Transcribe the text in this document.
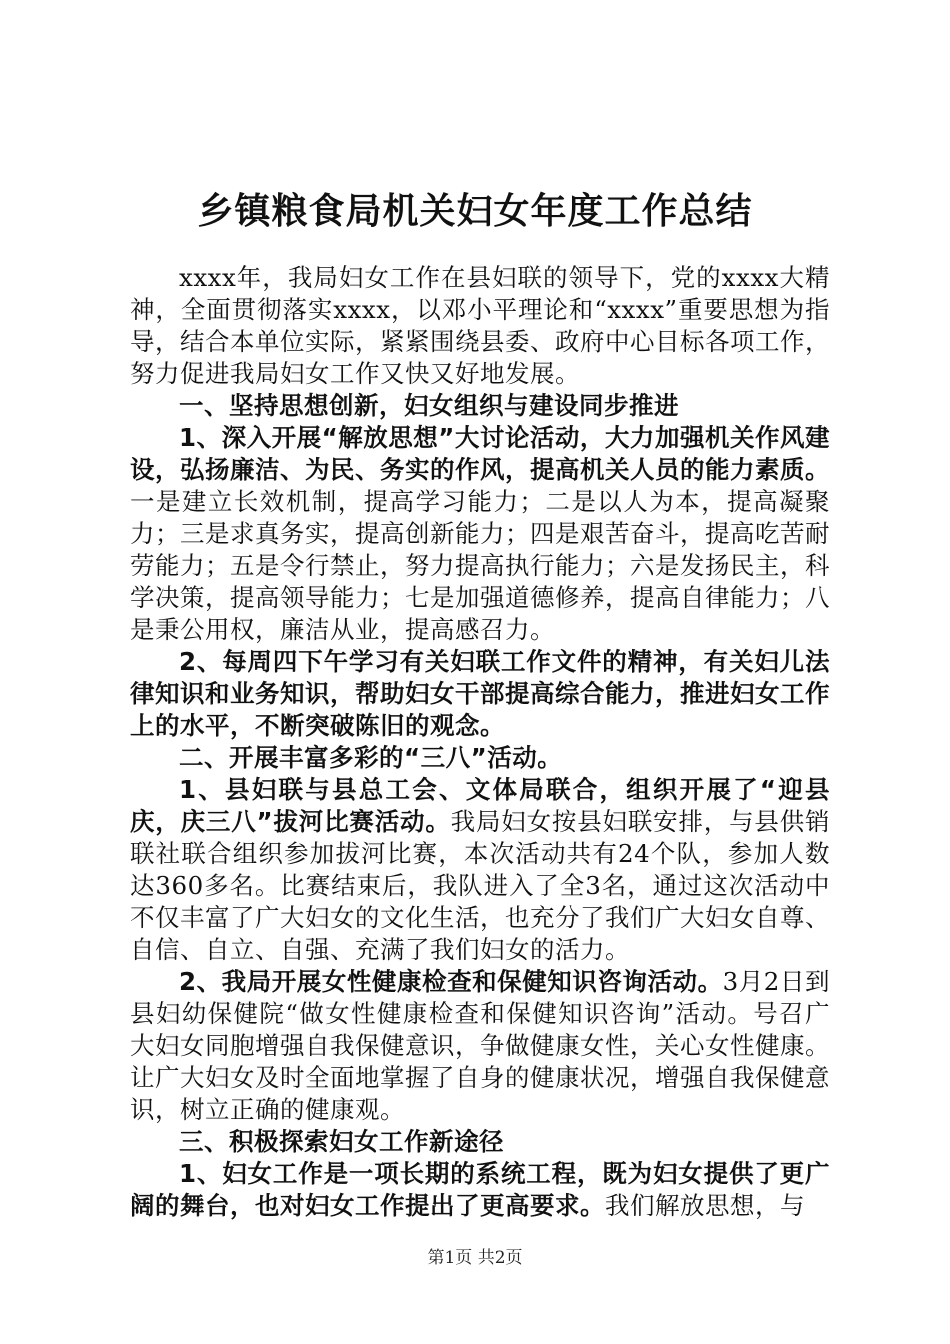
乡镇粮食局机关妇女年度工作总结

xxxx年，我局妇女工作在县妇联的领导下，党的xxxx大精神，全面贯彻落实xxxx，以邓小平理论和“xxxx”重要思想为指导，结合本单位实际，紧紧围绕县委、政府中心目标各项工作，努力促进我局妇女工作又快又好地发展。

一、坚持思想创新，妇女组织与建设同步推进

1、深入开展“解放思想”大讨论活动，大力加强机关作风建设，弘扬廉洁、为民、务实的作风，提高机关人员的能力素质。一是建立长效机制，提高学习能力；二是以人为本，提高凝聚力；三是求真务实，提高创新能力；四是艰苦奋斗，提高吃苦耐劳能力；五是令行禁止，努力提高执行能力；六是发扬民主，科学决策，提高领导能力；七是加强道德修养，提高自律能力；八是秉公用权，廉洁从业，提高感召力。

2、每周四下午学习有关妇联工作文件的精神，有关妇儿法律知识和业务知识，帮助妇女干部提高综合能力，推进妇女工作上的水平，不断突破陈旧的观念。

二、开展丰富多彩的“三八”活动。

1、县妇联与县总工会、文体局联合，组织开展了“迎县庆，庆三八”拔河比赛活动。我局妇女按县妇联安排，与县供销联社联合组织参加拔河比赛，本次活动共有24个队，参加人数达360多名。比赛结束后，我队进入了全3名，通过这次活动中不仅丰富了广大妇女的文化生活，也充分了我们广大妇女自尊、自信、自立、自强、充满了我们妇女的活力。

2、我局开展女性健康检查和保健知识咨询活动。3月2日到县妇幼保健院“做女性健康检查和保健知识咨询”活动。号召广大妇女同胞增强自我保健意识，争做健康女性，关心女性健康。让广大妇女及时全面地掌握了自身的健康状况，增强自我保健意识，树立正确的健康观。

三、积极探索妇女工作新途径

1、妇女工作是一项长期的系统工程，既为妇女提供了更广阔的舞台，也对妇女工作提出了更高要求。我们解放思想，与

第1页 共2页
